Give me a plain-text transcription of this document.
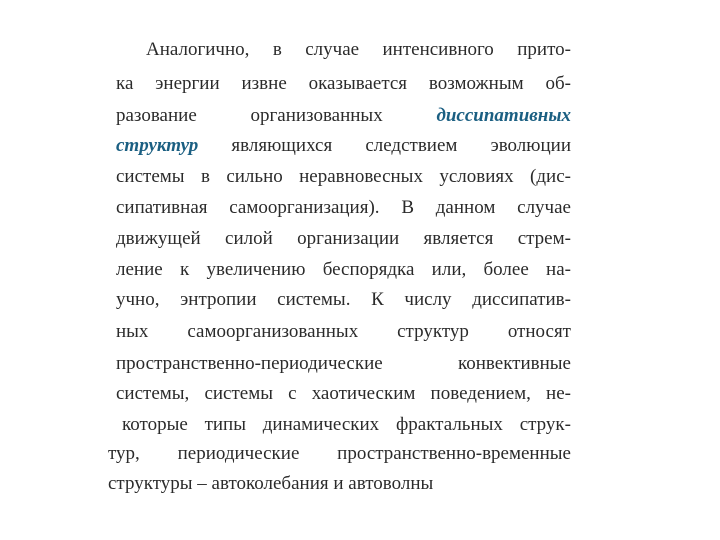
Аналогично, в случае интенсивного прито-
ка энергии извне оказывается возможным об-
разование	организованных	диссипативных
структур являющихся следствием эволюции
системы в сильно неравновесных условиях (дис-
сипативная самоорганизация). В данном случае
движущей силой организации является стрем-
ление к увеличению беспорядка или, более на-
учно, энтропии системы. К числу диссипатив-
ных самоорганизованных структур относят
пространственно-периодические	конвективные
системы, системы с хаотическим поведением, не-
которые типы динамических фрактальных струк-
тур, периодические пространственно-временные
структуры – автоколебания и автоволны
